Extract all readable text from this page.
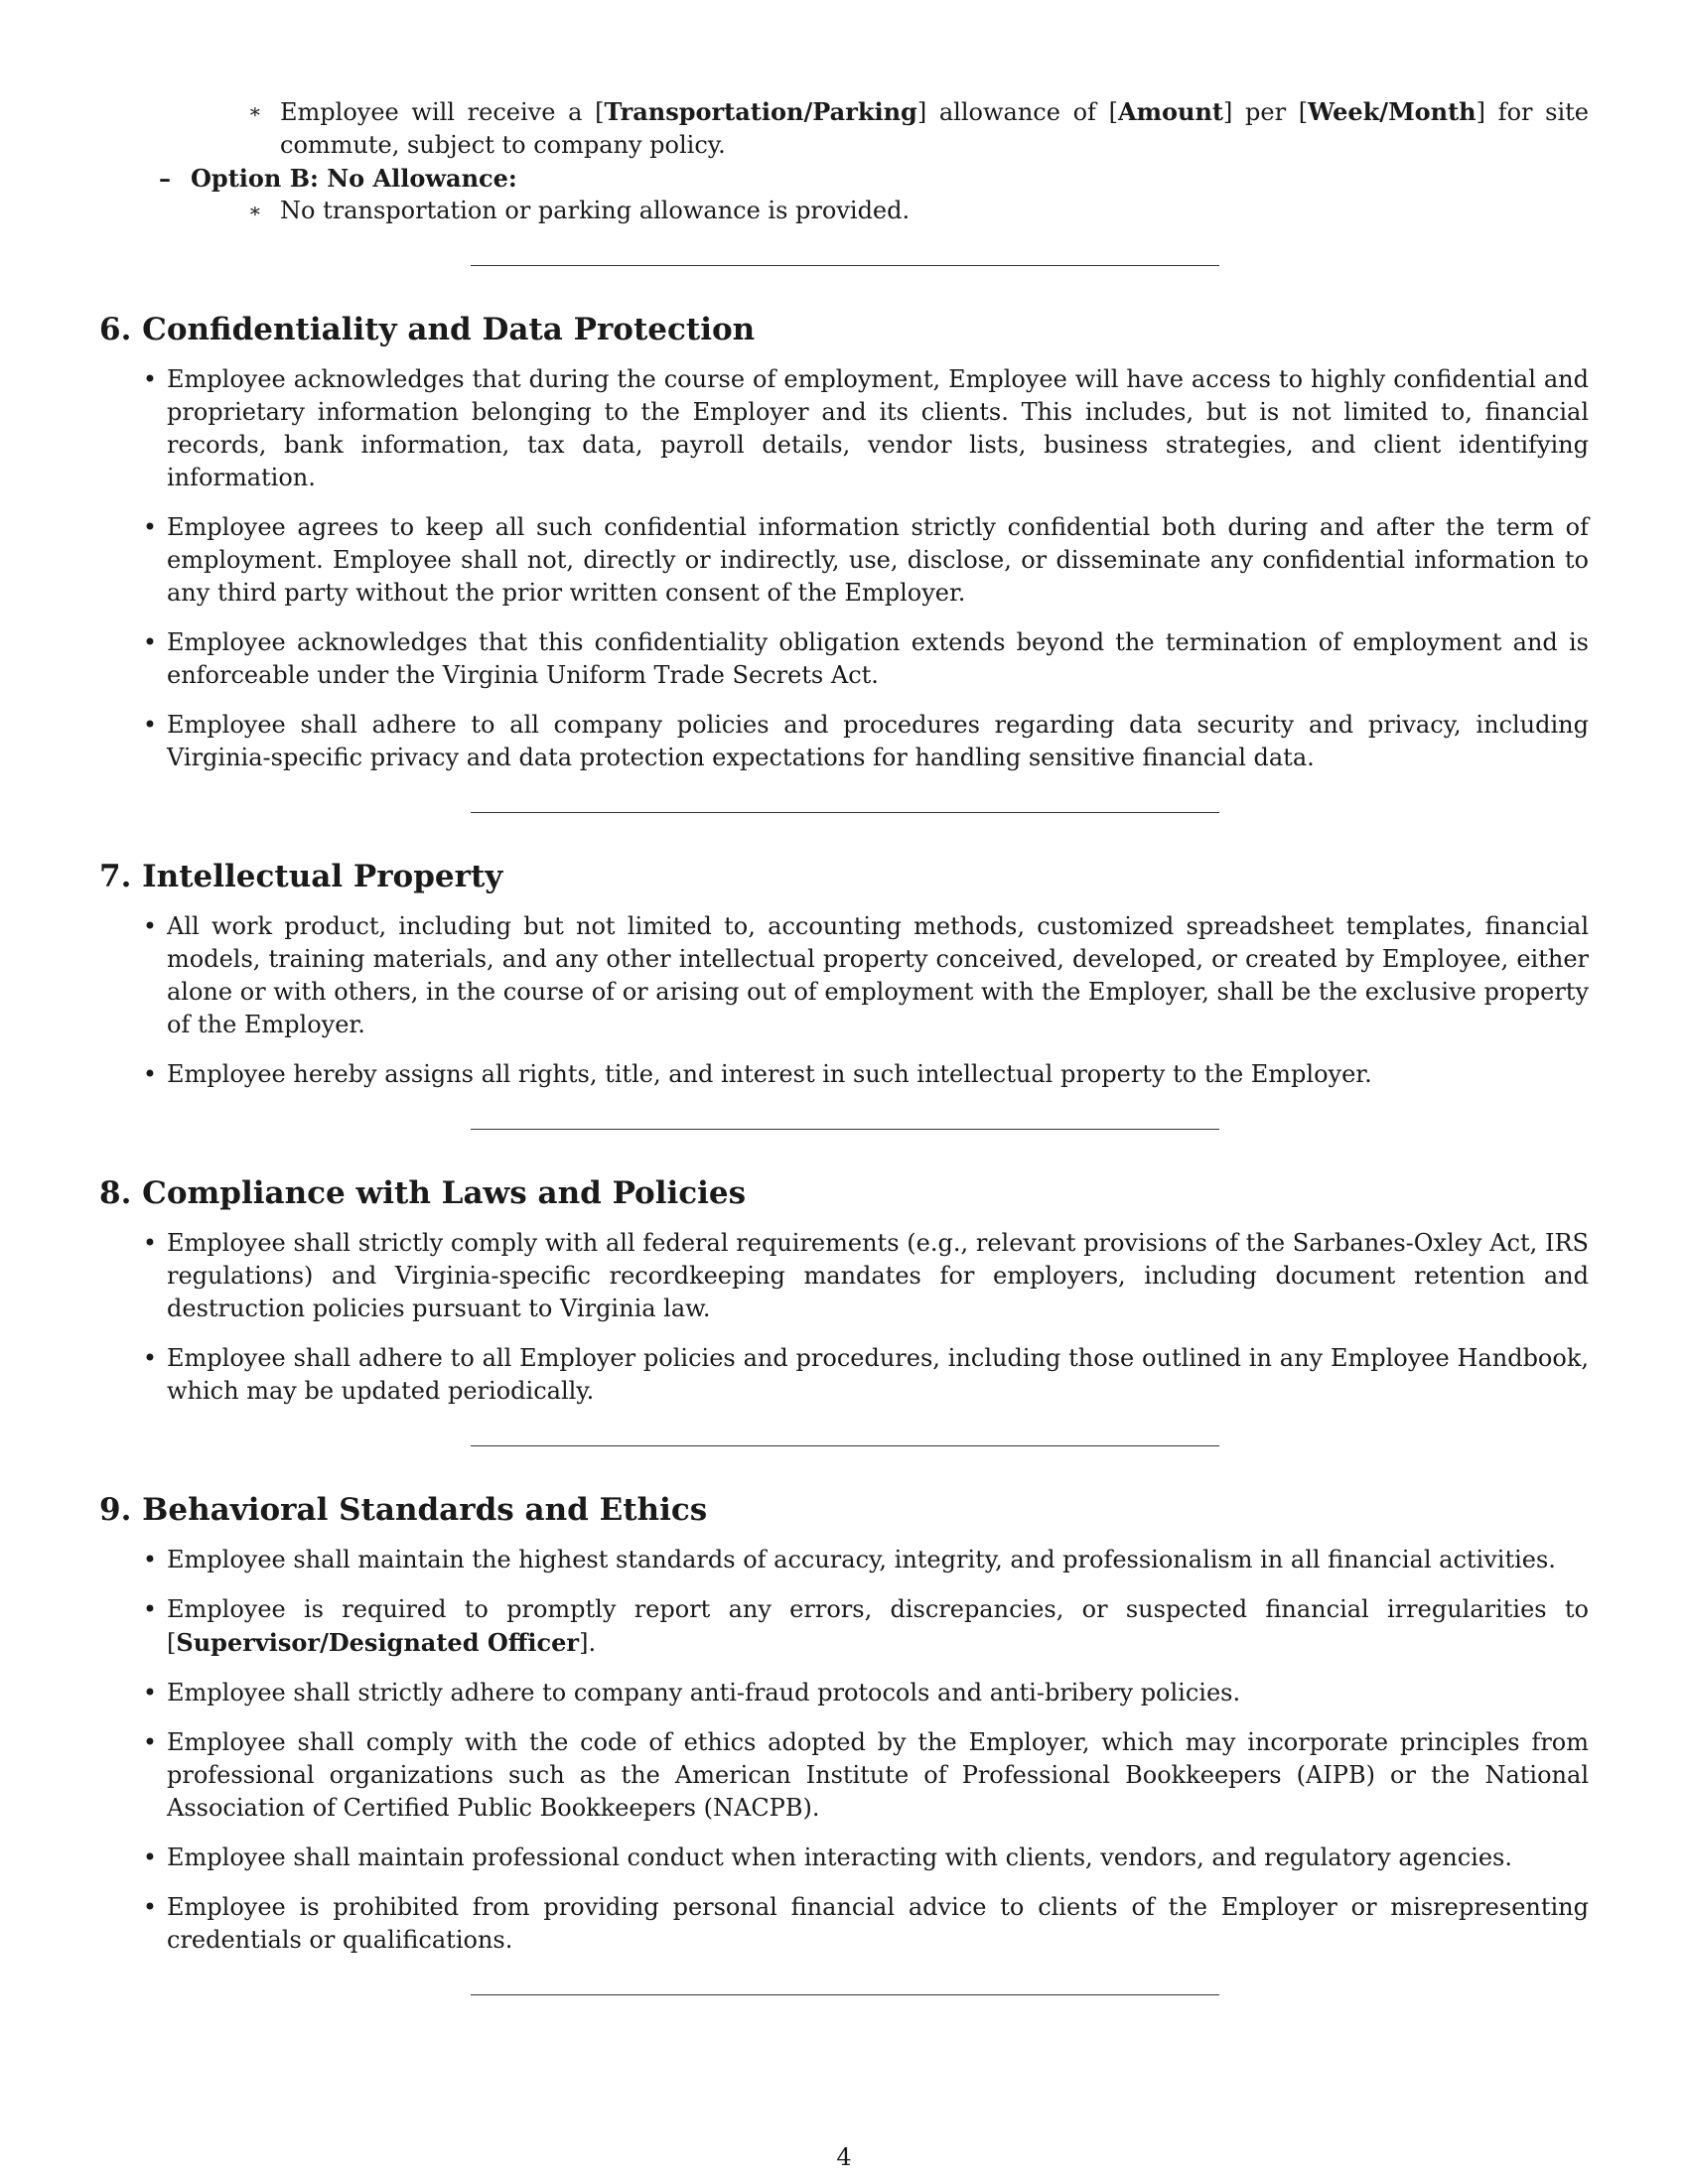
∗ Employee will receive a [Transportation/Parking] allowance of [Amount] per [Week/Month] for site commute, subject to company policy.
– Option B: No Allowance:
∗ No transportation or parking allowance is provided.
6. Confidentiality and Data Protection
•
Employee acknowledges that during the course of employment, Employee will have access to highly confidential and proprietary information belonging to the Employer and its clients. This includes, but is not limited to, financial records, bank information, tax data, payroll details, vendor lists, business strategies, and client identifying information.
•
Employee agrees to keep all such confidential information strictly confidential both during and after the term of employment. Employee shall not, directly or indirectly, use, disclose, or disseminate any confidential information to any third party without the prior written consent of the Employer.
•
Employee acknowledges that this confidentiality obligation extends beyond the termination of employment and is enforceable under the Virginia Uniform Trade Secrets Act.
•
Employee shall adhere to all company policies and procedures regarding data security and privacy, including Virginia-specific privacy and data protection expectations for handling sensitive financial data.
7. Intellectual Property
•
All work product, including but not limited to, accounting methods, customized spreadsheet templates, financial models, training materials, and any other intellectual property conceived, developed, or created by Employee, either alone or with others, in the course of or arising out of employment with the Employer, shall be the exclusive property of the Employer.
•
Employee hereby assigns all rights, title, and interest in such intellectual property to the Employer.
8. Compliance with Laws and Policies
•
Employee shall strictly comply with all federal requirements (e.g., relevant provisions of the Sarbanes-Oxley Act, IRS regulations) and Virginia-specific recordkeeping mandates for employers, including document retention and destruction policies pursuant to Virginia law.
•
Employee shall adhere to all Employer policies and procedures, including those outlined in any Employee Handbook, which may be updated periodically.
9. Behavioral Standards and Ethics
•
Employee shall maintain the highest standards of accuracy, integrity, and professionalism in all financial activities.
•
Employee is required to promptly report any errors, discrepancies, or suspected financial irregularities to [Supervisor/Designated Officer].
•
Employee shall strictly adhere to company anti-fraud protocols and anti-bribery policies.
•
Employee shall comply with the code of ethics adopted by the Employer, which may incorporate principles from professional organizations such as the American Institute of Professional Bookkeepers (AIPB) or the National Association of Certified Public Bookkeepers (NACPB).
•
Employee shall maintain professional conduct when interacting with clients, vendors, and regulatory agencies.
•
Employee is prohibited from providing personal financial advice to clients of the Employer or misrepresenting credentials or qualifications.
4
